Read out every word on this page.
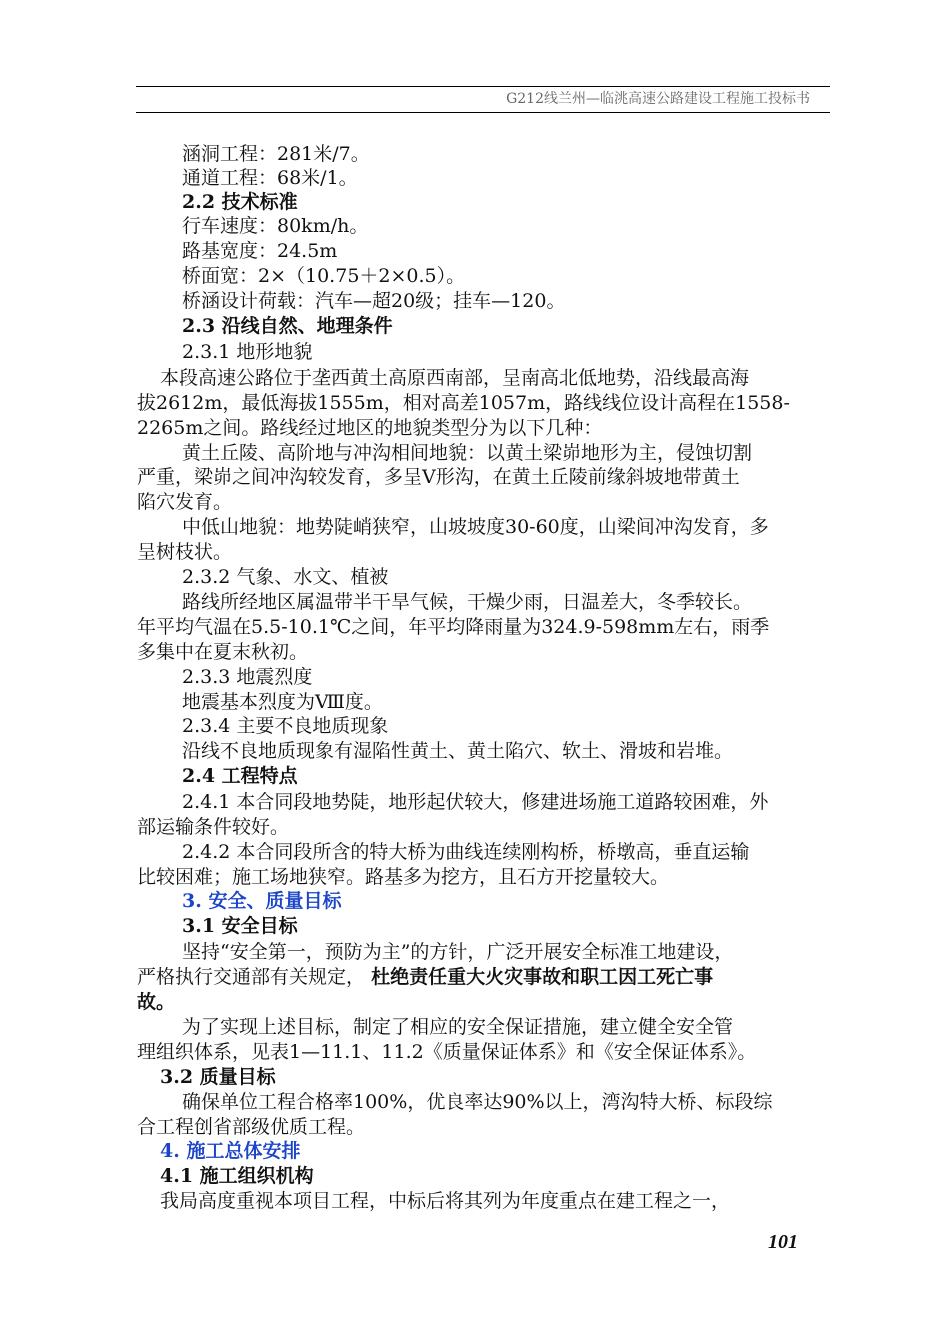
G212线兰州—临洮高速公路建设工程施工投标书
涵洞工程：281米/7。
通道工程：68米/1。
2.2 技术标准
行车速度：80km/h。
路基宽度：24.5m
桥面宽：2×（10.75＋2×0.5）。
桥涵设计荷载：汽车—超20级；挂车—120。
2.3 沿线自然、地理条件
2.3.1 地形地貌
本段高速公路位于垄西黄土高原西南部，呈南高北低地势，沿线最高海
拔2612m，最低海拔1555m，相对高差1057m，路线线位设计高程在1558-
2265m之间。路线经过地区的地貌类型分为以下几种：
黄土丘陵、高阶地与冲沟相间地貌：以黄土梁峁地形为主，侵蚀切割
严重，梁峁之间冲沟较发育，多呈V形沟，在黄土丘陵前缘斜坡地带黄土
陷穴发育。
中低山地貌：地势陡峭狭窄，山坡坡度30-60度，山梁间冲沟发育，多
呈树枝状。
2.3.2 气象、水文、植被
路线所经地区属温带半干旱气候，干燥少雨，日温差大，冬季较长。
年平均气温在5.5-10.1℃之间，年平均降雨量为324.9-598mm左右，雨季
多集中在夏末秋初。
2.3.3 地震烈度
地震基本烈度为Ⅷ度。
2.3.4 主要不良地质现象
沿线不良地质现象有湿陷性黄土、黄土陷穴、软土、滑坡和岩堆。
2.4 工程特点
2.4.1 本合同段地势陡，地形起伏较大，修建进场施工道路较困难，外
部运输条件较好。
2.4.2 本合同段所含的特大桥为曲线连续刚构桥，桥墩高，垂直运输
比较困难；施工场地狭窄。路基多为挖方，且石方开挖量较大。
3. 安全、质量目标
3.1 安全目标
坚持“安全第一，预防为主”的方针，广泛开展安全标准工地建设，
严格执行交通部有关规定， 杜绝责任重大火灾事故和职工因工死亡事
故。
为了实现上述目标，制定了相应的安全保证措施，建立健全安全管
理组织体系，见表1—11.1、11.2《质量保证体系》和《安全保证体系》。
3.2 质量目标
确保单位工程合格率100%，优良率达90%以上，湾沟特大桥、标段综
合工程创省部级优质工程。
4. 施工总体安排
4.1 施工组织机构
我局高度重视本项目工程，中标后将其列为年度重点在建工程之一，
101
